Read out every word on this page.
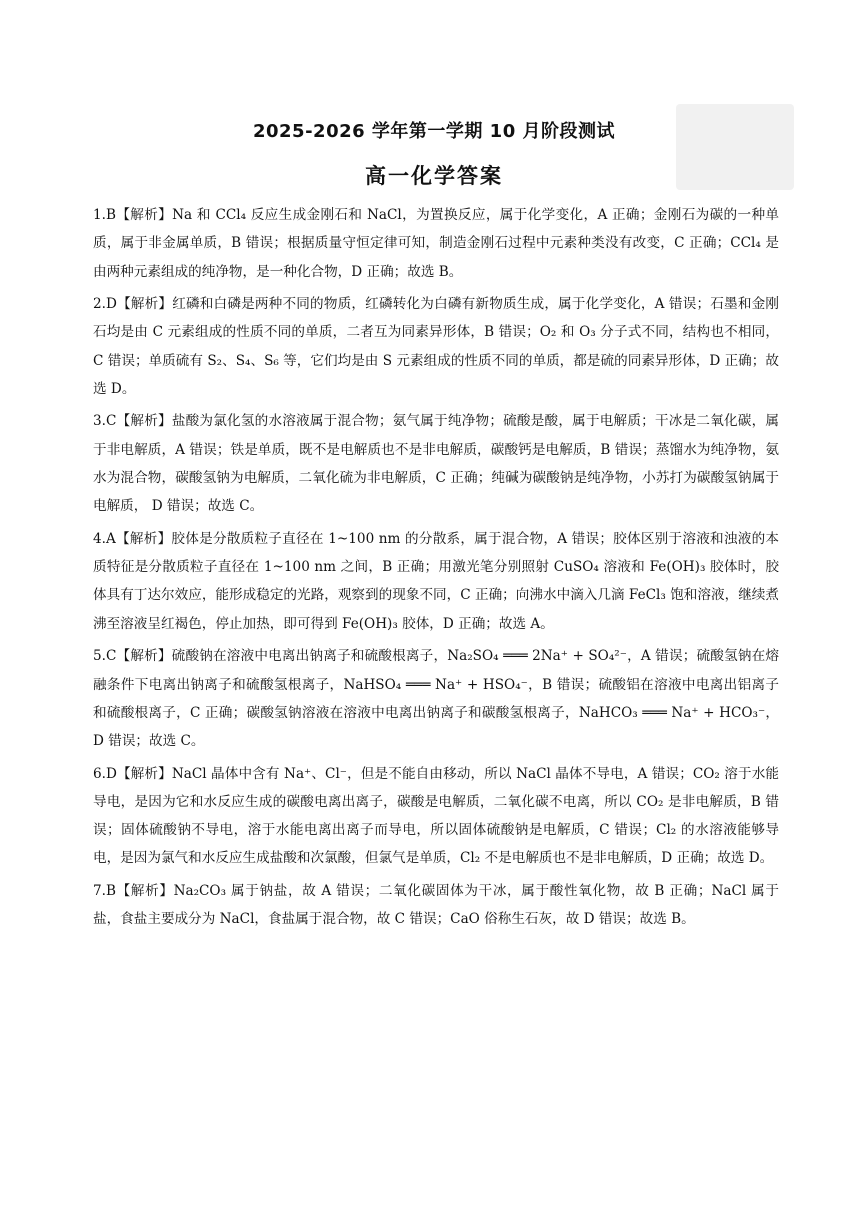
2025-2026 学年第一学期 10 月阶段测试
高一化学答案

1.B【解析】Na 和 CCl₄ 反应生成金刚石和 NaCl，为置换反应，属于化学变化，A 正确；金刚石为碳的一种单质，属于非金属单质，B 错误；根据质量守恒定律可知，制造金刚石过程中元素种类没有改变，C 正确；CCl₄ 是由两种元素组成的纯净物，是一种化合物，D 正确；故选 B。

2.D【解析】红磷和白磷是两种不同的物质，红磷转化为白磷有新物质生成，属于化学变化，A 错误；石墨和金刚石均是由 C 元素组成的性质不同的单质，二者互为同素异形体，B 错误；O₂ 和 O₃ 分子式不同，结构也不相同，C 错误；单质硫有 S₂、S₄、S₆ 等，它们均是由 S 元素组成的性质不同的单质，都是硫的同素异形体，D 正确；故选 D。

3.C【解析】盐酸为氯化氢的水溶液属于混合物；氨气属于纯净物；硫酸是酸，属于电解质；干冰是二氧化碳，属于非电解质，A 错误；铁是单质，既不是电解质也不是非电解质，碳酸钙是电解质，B 错误；蒸馏水为纯净物，氨水为混合物，碳酸氢钠为电解质，二氧化硫为非电解质，C 正确；纯碱为碳酸钠是纯净物，小苏打为碳酸氢钠属于电解质， D 错误；故选 C。

4.A【解析】胶体是分散质粒子直径在 1~100 nm 的分散系，属于混合物，A 错误；胶体区别于溶液和浊液的本质特征是分散质粒子直径在 1~100 nm 之间，B 正确；用激光笔分别照射 CuSO₄ 溶液和 Fe(OH)₃ 胶体时，胶体具有丁达尔效应，能形成稳定的光路，观察到的现象不同，C 正确；向沸水中滴入几滴 FeCl₃ 饱和溶液，继续煮沸至溶液呈红褐色，停止加热，即可得到 Fe(OH)₃ 胶体，D 正确；故选 A。

5.C【解析】硫酸钠在溶液中电离出钠离子和硫酸根离子，Na₂SO₄ ═══ 2Na⁺ + SO₄²⁻，A 错误；硫酸氢钠在熔融条件下电离出钠离子和硫酸氢根离子，NaHSO₄ ═══ Na⁺ + HSO₄⁻，B 错误；硫酸铝在溶液中电离出铝离子和硫酸根离子，C 正确；碳酸氢钠溶液在溶液中电离出钠离子和碳酸氢根离子，NaHCO₃ ═══ Na⁺ + HCO₃⁻，D 错误；故选 C。

6.D【解析】NaCl 晶体中含有 Na⁺、Cl⁻，但是不能自由移动，所以 NaCl 晶体不导电，A 错误；CO₂ 溶于水能导电，是因为它和水反应生成的碳酸电离出离子，碳酸是电解质，二氧化碳不电离，所以 CO₂ 是非电解质，B 错误；固体硫酸钠不导电，溶于水能电离出离子而导电，所以固体硫酸钠是电解质，C 错误；Cl₂ 的水溶液能够导电，是因为氯气和水反应生成盐酸和次氯酸，但氯气是单质，Cl₂ 不是电解质也不是非电解质，D 正确；故选 D。

7.B【解析】Na₂CO₃ 属于钠盐，故 A 错误；二氧化碳固体为干冰，属于酸性氧化物，故 B 正确；NaCl 属于盐，食盐主要成分为 NaCl，食盐属于混合物，故 C 错误；CaO 俗称生石灰，故 D 错误；故选 B。
